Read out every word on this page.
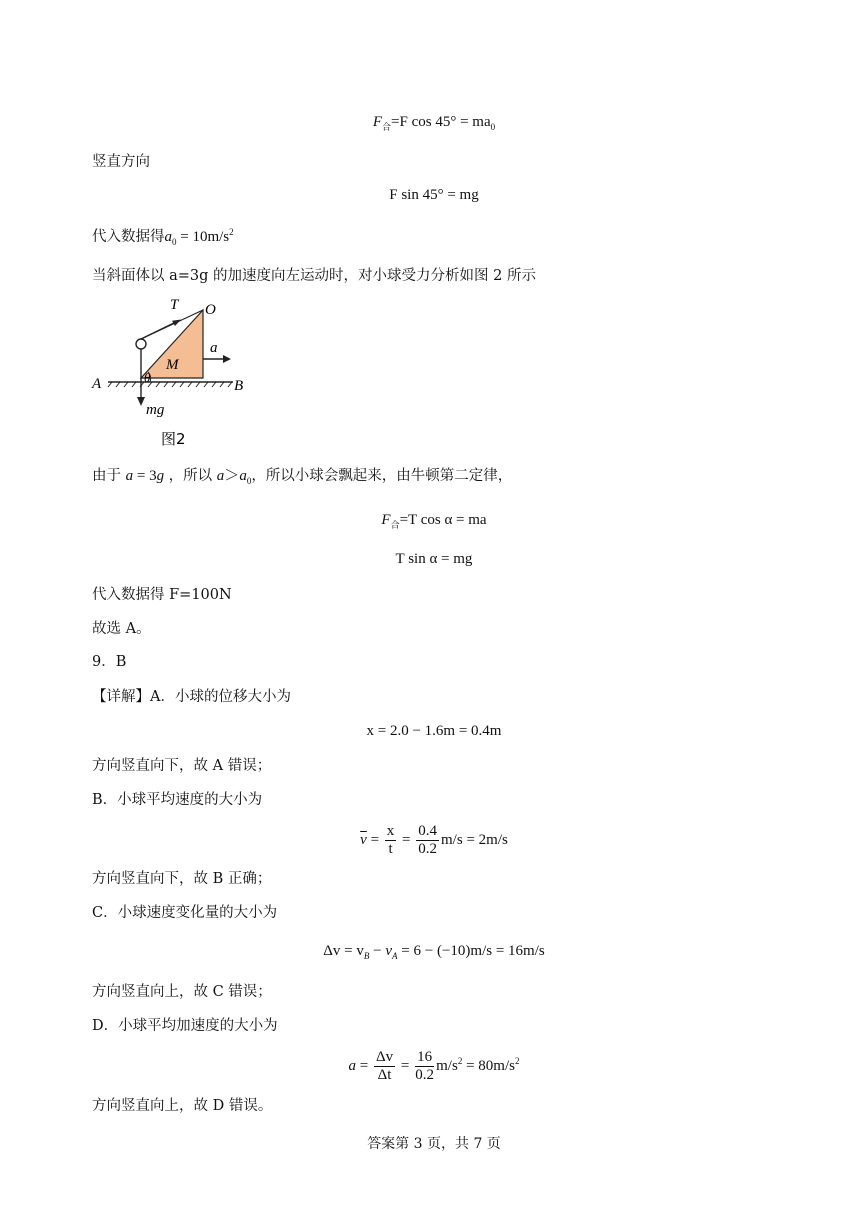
$F_合=F$ $\cos 45^\circ = ma_0$
竖直方向
F sin 45° = mg
代入数据得$a_0 = 10m/s^2$
当斜面体以 a=3g 的加速度向左运动时，对小球受力分析如图 2 所示
T O
a
M
A	B
θ
mg
图2
由于 a = 3g ，所以 $a>a_0$，所以小球会飘起来，由牛顿第二定律，
$F_合=T$ cos α = ma
T sin α = mg
代入数据得 F=100N
故选 A。
9．B
【详解】A．小球的位移大小为
x = 2.0 − 1.6m = 0.4m
方向竖直向下，故 A 错误；
B．小球平均速度的大小为
$\overline{v} = \frac{x}{t} = \frac{0.4}{0.2} m/s = 2m/s$
方向竖直向下，故 B 正确；
C．小球速度变化量的大小为
$\Delta v = v_B - v_A = 6 - (-10)m/s = 16m/s$
方向竖直向上，故 C 错误；
D．小球平均加速度的大小为
$a = \frac{\Delta v}{\Delta t} = \frac{16}{0.2} m/s^2 = 80m/s^2$
方向竖直向上，故 D 错误。
答案第 3 页，共 7 页
